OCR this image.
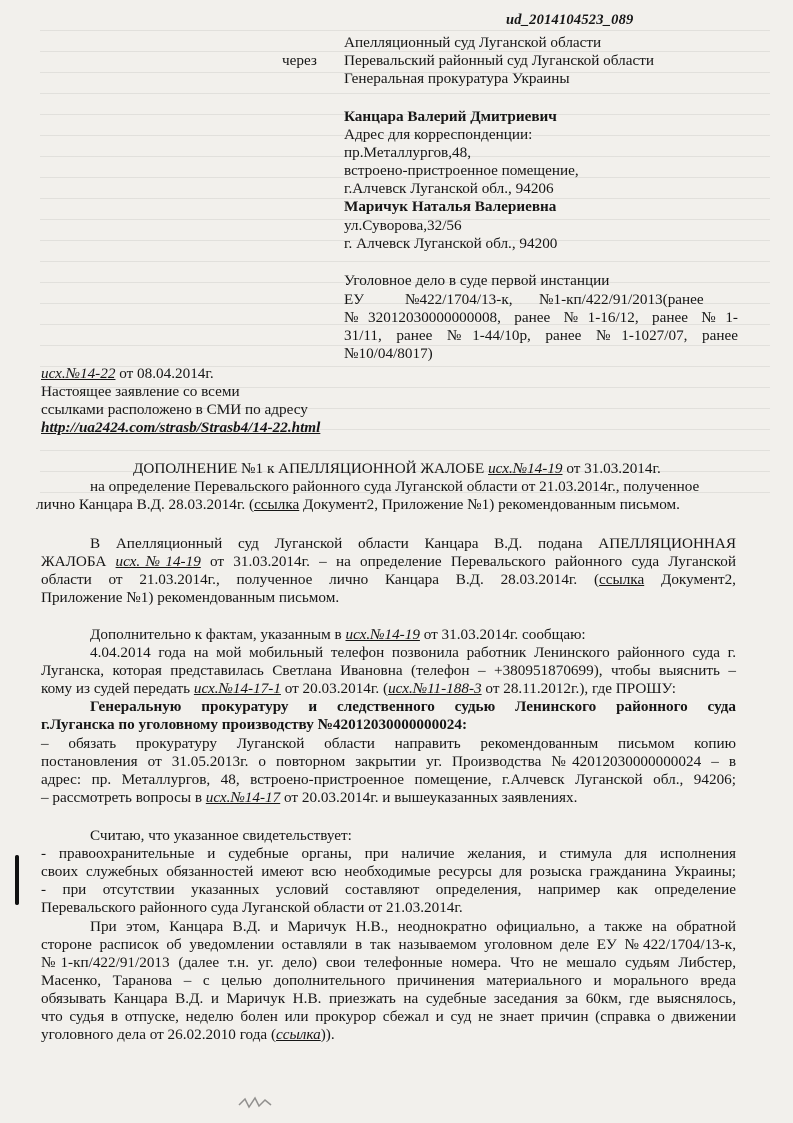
ud_2014104523_089
Апелляционный суд Луганской области
через Перевальский районный суд Луганской области
Генеральная прокуратура Украины
Канцара Валерий Дмитриевич
Адрес для корреспонденции:
пр.Металлургов,48,
встроено-пристроенное помещение,
г.Алчевск Луганской обл., 94206
Маричук Наталья Валериевна
ул.Суворова,32/56
г. Алчевск Луганской обл., 94200
Уголовное дело в суде первой инстанции
ЕУ	№422/1704/13-к, №1-кп/422/91/2013(ранее
№32012030000000008, ранее №1-16/12, ранее №1-
31/11, ранее №1-44/10р, ранее №1-1027/07, ранее
№10/04/8017)
исх.№14-22 от 08.04.2014г.
Настоящее заявление со всеми
ссылками расположено в СМИ по адресу
http://ua2424.com/strasb/Strasb4/14-22.html
ДОПОЛНЕНИЕ №1 к АПЕЛЛЯЦИОННОЙ ЖАЛОБЕ исх.№14-19 от 31.03.2014г.
на определение Перевальского районного суда Луганской области от 21.03.2014г., полученное
лично Канцара В.Д. 28.03.2014г. (ссылка Документ2, Приложение №1) рекомендованным письмом.
В Апелляционный суд Луганской области Канцара В.Д. подана АПЕЛЛЯЦИОННАЯ
ЖАЛОБА исх.№14-19 от 31.03.2014г. – на определение Перевальского районного суда Луганской
области от 21.03.2014г., полученное лично Канцара В.Д. 28.03.2014г. (ссылка Документ2,
Приложение №1) рекомендованным письмом.
Дополнительно к фактам, указанным в исх.№14-19 от 31.03.2014г. сообщаю:
4.04.2014 года на мой мобильный телефон позвонила работник Ленинского районного суда г.
Луганска, которая представилась Светлана Ивановна (телефон – +380951870699), чтобы выяснить –
кому из судей передать исх.№14-17-1 от 20.03.2014г. (исх.№11-188-3 от 28.11.2012г.), где ПРОШУ:
Генеральную прокуратуру и следственного судью Ленинского районного суда
г.Луганска по уголовному производству №42012030000000024:
– обязать прокуратуру Луганской области направить рекомендованным письмом копию
постановления от 31.05.2013г. о повторном закрытии уг. Производства №42012030000000024 – в
адрес: пр. Металлургов, 48, встроено-пристроенное помещение, г.Алчевск Луганской обл., 94206;
– рассмотреть вопросы в исх.№14-17 от 20.03.2014г. и вышеуказанных заявлениях.
Считаю, что указанное свидетельствует:
- правоохранительные и судебные органы, при наличие желания, и стимула для исполнения
своих служебных обязанностей имеют всю необходимые ресурсы для розыска гражданина Украины;
- при отсутствии указанных условий составляют определения, например как определение
Перевальского районного суда Луганской области от 21.03.2014г.
При этом, Канцара В.Д. и Маричук Н.В., неоднократно официально, а также на обратной
стороне расписок об уведомлении оставляли в так называемом уголовном деле ЕУ №422/1704/13-к,
№1-кп/422/91/2013 (далее т.н. уг. дело) свои телефонные номера. Что не мешало судьям Либстер,
Масенко, Таранова – с целью дополнительного причинения материального и морального вреда
обязывать Канцара В.Д. и Маричук Н.В. приезжать на судебные заседания за 60км, где выяснялось,
что судья в отпуске, неделю болен или прокурор сбежал и суд не знает причин (справка о движении
уголовного дела от 26.02.2010 года (ссылка)).
